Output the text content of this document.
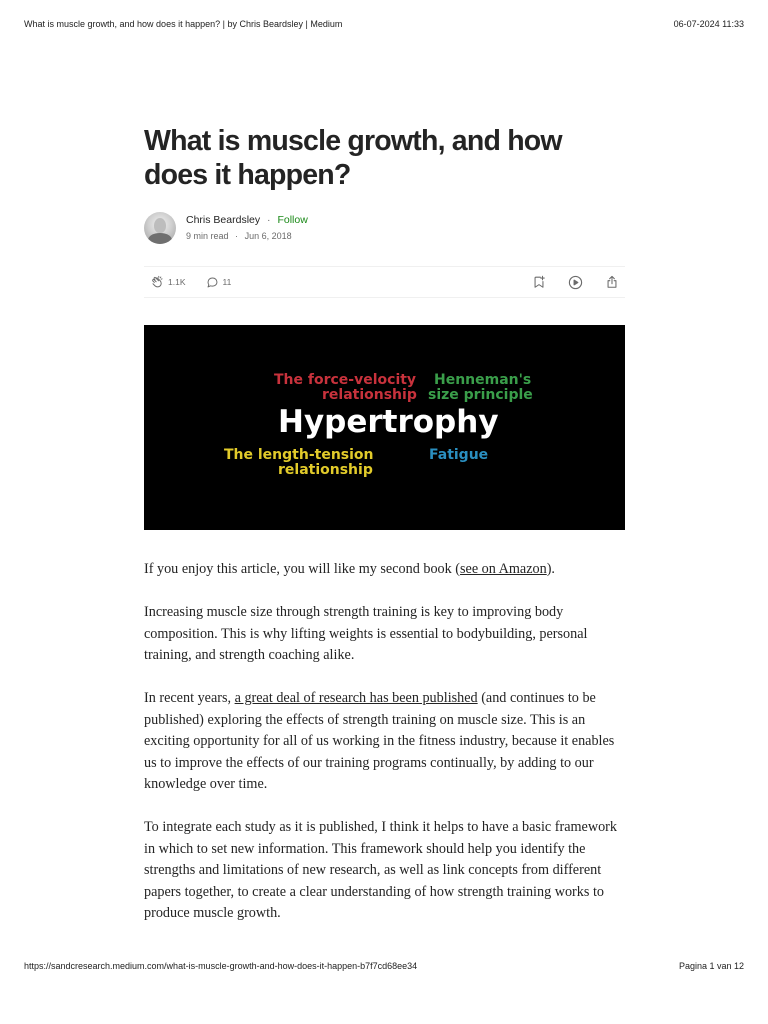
What is muscle growth, and how does it happen? | by Chris Beardsley | Medium	06-07-2024 11:33
What is muscle growth, and how
does it happen?
Chris Beardsley · Follow
9 min read · Jun 6, 2018
1.1K	11
The force-velocity
relationship
Henneman's
size principle
Hypertrophy
The length-tension
relationship
Fatigue

If you enjoy this article, you will like my second book (see on Amazon).

Increasing muscle size through strength training is key to improving body composition. This is why lifting weights is essential to bodybuilding, personal training, and strength coaching alike.

In recent years, a great deal of research has been published (and continues to be published) exploring the effects of strength training on muscle size. This is an exciting opportunity for all of us working in the fitness industry, because it enables us to improve the effects of our training programs continually, by adding to our knowledge over time.

To integrate each study as it is published, I think it helps to have a basic framework in which to set new information. This framework should help you identify the strengths and limitations of new research, as well as link concepts from different papers together, to create a clear understanding of how strength training works to produce muscle growth.

https://sandcresearch.medium.com/what-is-muscle-growth-and-how-does-it-happen-b7f7cd68ee34	Pagina 1 van 12
